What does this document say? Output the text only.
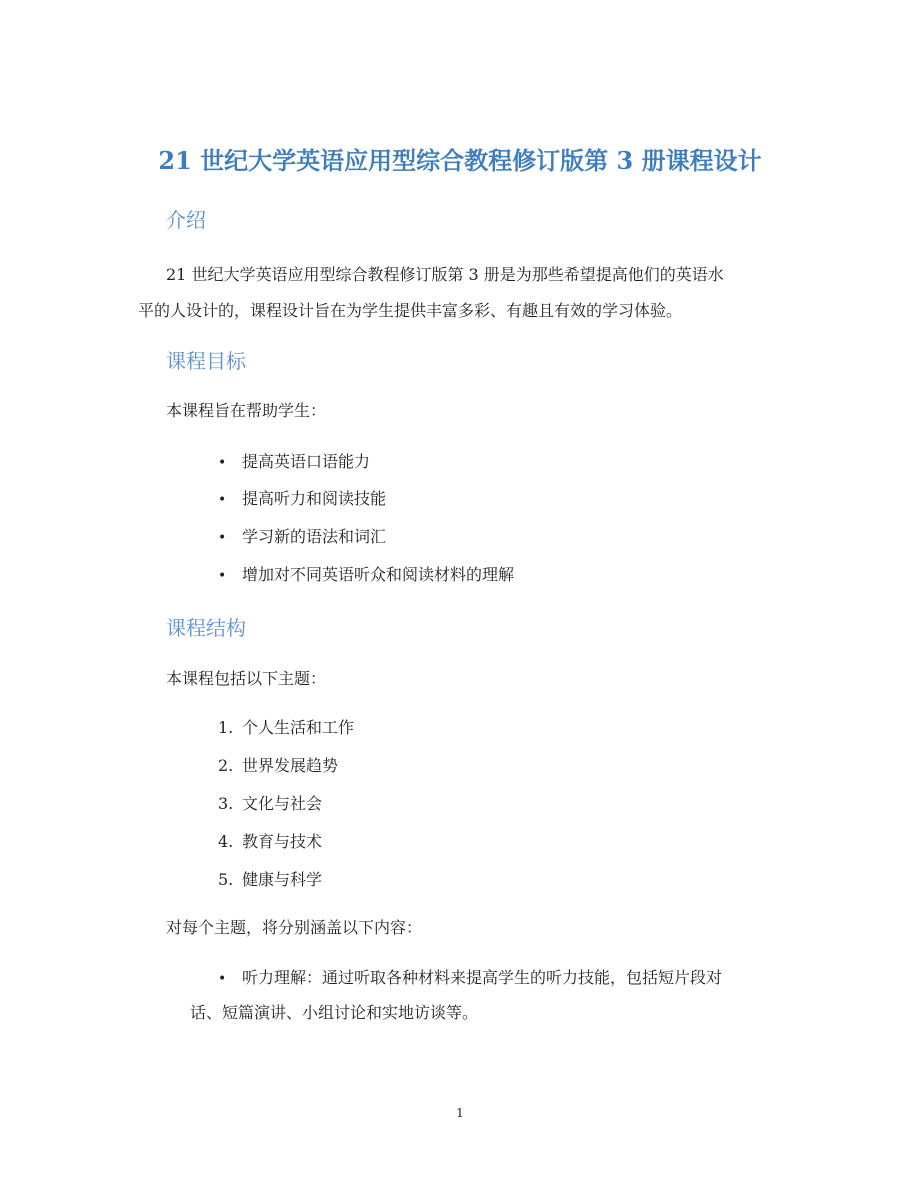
21 世纪大学英语应用型综合教程修订版第 3 册课程设计
介绍
21 世纪大学英语应用型综合教程修订版第 3 册是为那些希望提高他们的英语水
平的人设计的，课程设计旨在为学生提供丰富多彩、有趣且有效的学习体验。
课程目标
本课程旨在帮助学生：
• 提高英语口语能力
• 提高听力和阅读技能
• 学习新的语法和词汇
• 增加对不同英语听众和阅读材料的理解
课程结构
本课程包括以下主题：
1. 个人生活和工作
2. 世界发展趋势
3. 文化与社会
4. 教育与技术
5. 健康与科学
对每个主题，将分别涵盖以下内容：
• 听力理解：通过听取各种材料来提高学生的听力技能，包括短片段对
话、短篇演讲、小组讨论和实地访谈等。
1
